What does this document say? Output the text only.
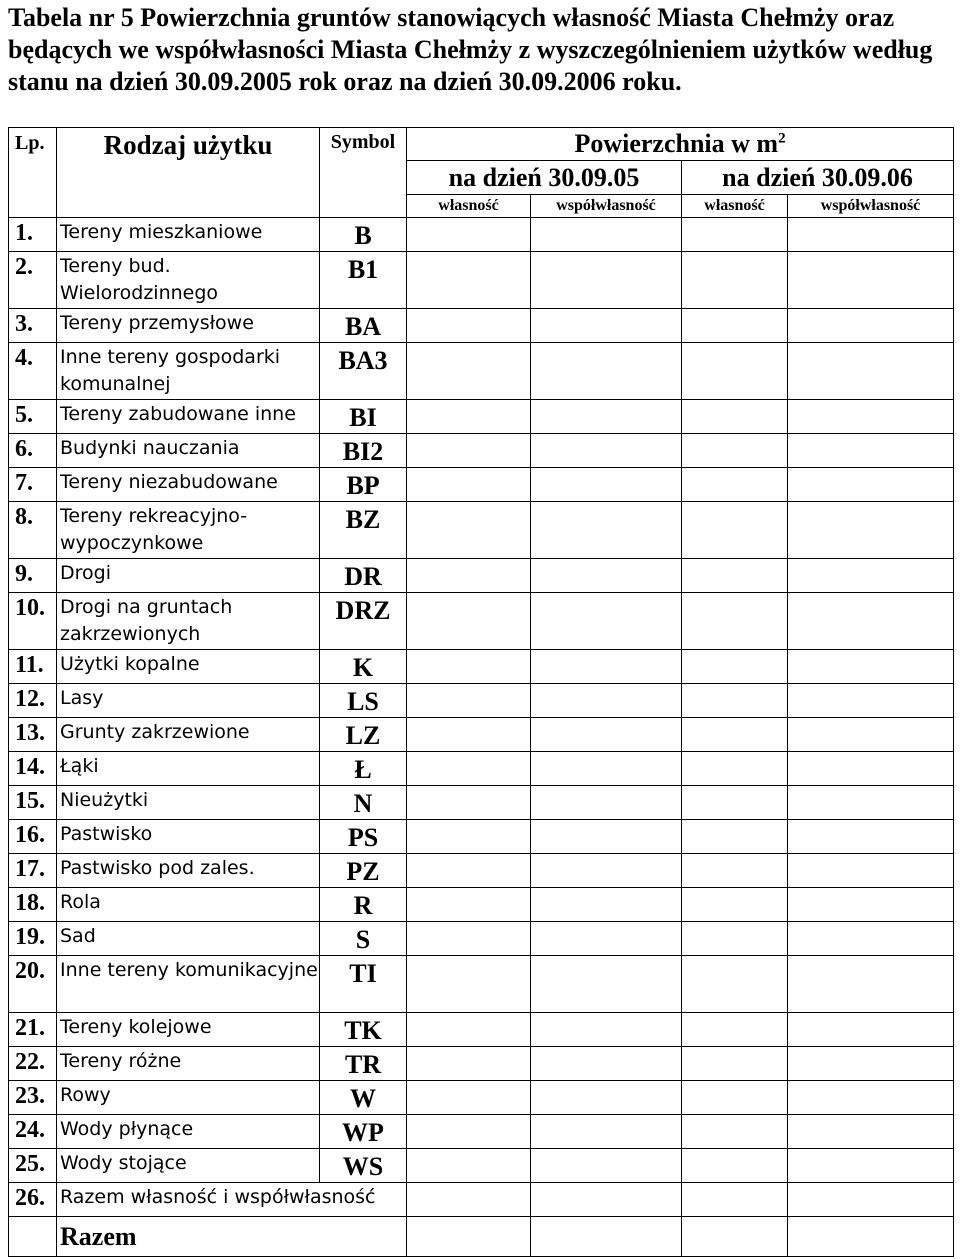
Tabela nr 5 Powierzchnia gruntów stanowiących własność Miasta Chełmży oraz będących we współwłasności Miasta Chełmży z wyszczególnieniem użytków według stanu na dzień 30.09.2005 rok oraz na dzień 30.09.2006 roku.
Lp.	Rodzaj użytku	Symbol	Powierzchnia w $m^2$
			na dzień 30.09.05		na dzień 30.09.06	
			własność	współwłasność	własność	współwłasność
1.	Tereny mieszkaniowe	B				
2.	Tereny bud. Wielorodzinnego	B1				
3.	Tereny przemysłowe	BA				
4.	Inne tereny gospodarki komunalnej	BA3				
5.	Tereny zabudowane inne	BI				
6.	Budynki nauczania	BI2				
7.	Tereny niezabudowane	BP				
8.	Tereny rekreacyjno-wypoczynkowe	BZ				
9.	Drogi	DR				
10.	Drogi na gruntach zakrzewionych	DRZ				
11.	Użytki kopalne	K				
12.	Lasy	LS				
13.	Grunty zakrzewione	LZ				
14.	Łąki	Ł				
15.	Nieużytki	N				
16.	Pastwisko	PS				
17.	Pastwisko pod zales.	PZ				
18.	Rola	R				
19.	Sad	S				
20.	Inne tereny komunikacyjne	TI				
21.	Tereny kolejowe	TK				
22.	Tereny różne	TR				
23.	Rowy	W				
24.	Wody płynące	WP				
25.	Wody stojące	WS				
26.	Razem własność i współwłasność					
	Razem					
